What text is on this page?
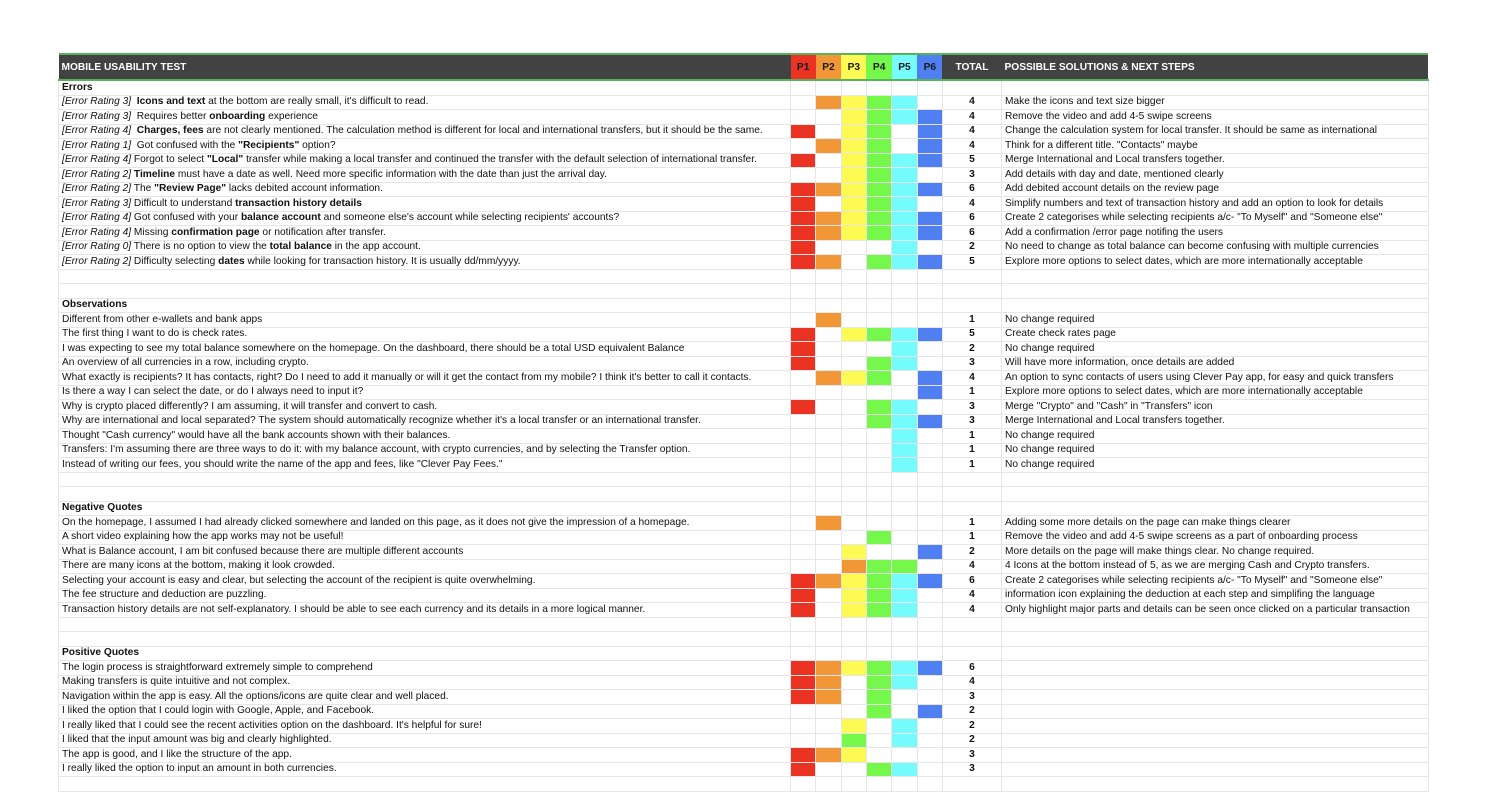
MOBILE USABILITY TEST	P1	P2	P3	P4	P5	P6	TOTAL	POSSIBLE SOLUTIONS & NEXT STEPS
Errors								
[Error Rating 3] Icons and text at the bottom are really small, it's difficult to read.							4	Make the icons and text size bigger
[Error Rating 3]  Requires better onboarding experience							4	Remove the video and add 4-5 swipe screens
[Error Rating 4] Charges, fees are not clearly mentioned. The calculation method is different for local and international transfers, but it should be the same.							4	Change the calculation system for local transfer. It should be same as international
[Error Rating 1]  Got confused with the "Recipients" option?							4	Think for a different title. "Contacts" maybe
[Error Rating 4] Forgot to select "Local" transfer while making a local transfer and continued the transfer with the default selection of international transfer.							5	Merge International and Local transfers together.
[Error Rating 2] Timeline must have a date as well. Need more specific information with the date than just the arrival day.							3	Add details with day and date, mentioned clearly
[Error Rating 2] The "Review Page" lacks debited account information.							6	Add debited account details on the review page
[Error Rating 3] Difficult to understand transaction history details							4	Simplify numbers and text of transaction history and add an option to look for details
[Error Rating 4] Got confused with your balance account and someone else's account while selecting recipients' accounts?							6	Create 2 categorises while selecting recipients a/c- "To Myself" and "Someone else"
[Error Rating 4] Missing confirmation page or notification after transfer.							6	Add a confirmation /error page notifing the users
[Error Rating 0] There is no option to view the total balance in the app account.							2	No need to change as total balance can become confusing with multiple currencies
[Error Rating 2] Difficulty selecting dates while looking for transaction history. It is usually dd/mm/yyyy.							5	Explore more options to select dates, which are more internationally acceptable

Observations								
Different from other e-wallets and bank apps							1	No change required
The first thing I want to do is check rates.							5	Create check rates page
I was expecting to see my total balance somewhere on the homepage. On the dashboard, there should be a total USD equivalent Balance							2	No change required
An overview of all currencies in a row, including crypto.							3	Will have more information, once details are added
What exactly is recipients? It has contacts, right? Do I need to add it manually or will it get the contact from my mobile? I think it's better to call it contacts.							4	An option to sync contacts of users using Clever Pay app, for easy and quick transfers
Is there a way I can select the date, or do I always need to input it?							1	Explore more options to select dates, which are more internationally acceptable
Why is crypto placed differently? I am assuming, it will transfer and convert to cash.							3	Merge "Crypto" and "Cash" in "Transfers" icon
Why are international and local separated? The system should automatically recognize whether it's a local transfer or an international transfer.							3	Merge International and Local transfers together.
Thought "Cash currency" would have all the bank accounts shown with their balances.							1	No change required
Transfers: I'm assuming there are three ways to do it: with my balance account, with crypto currencies, and by selecting the Transfer option.							1	No change required
Instead of writing our fees, you should write the name of the app and fees, like "Clever Pay Fees."							1	No change required

Negative Quotes								
On the homepage, I assumed I had already clicked somewhere and landed on this page, as it does not give the impression of a homepage.							1	Adding some more details on the page can make things clearer
A short video explaining how the app works may not be useful!							1	Remove the video and add 4-5 swipe screens as a part of onboarding process
What is Balance account, I am bit confused because there are multiple different accounts							2	More details on the page will make things clear. No change required.
There are many icons at the bottom, making it look crowded.							4	4 Icons at the bottom instead of 5, as we are merging Cash and Crypto transfers.
Selecting your account is easy and clear, but selecting the account of the recipient is quite overwhelming.							6	Create 2 categorises while selecting recipients a/c- "To Myself" and "Someone else"
The fee structure and deduction are puzzling.							4	information icon explaining the deduction at each step and simplifing the language
Transaction history details are not self-explanatory. I should be able to see each currency and its details in a more logical manner.							4	Only highlight major parts and details can be seen once clicked on a particular transaction

Positive Quotes								
The login process is straightforward extremely simple to comprehend							6	
Making transfers is quite intuitive and not complex.							4	
Navigation within the app is easy. All the options/icons are quite clear and well placed.							3	
I liked the option that I could login with Google, Apple, and Facebook.							2	
I really liked that I could see the recent activities option on the dashboard. It's helpful for sure!							2	
I liked that the input amount was big and clearly highlighted.							2	
The app is good, and I like the structure of the app.							3	
I really liked the option to input an amount in both currencies.							3	
